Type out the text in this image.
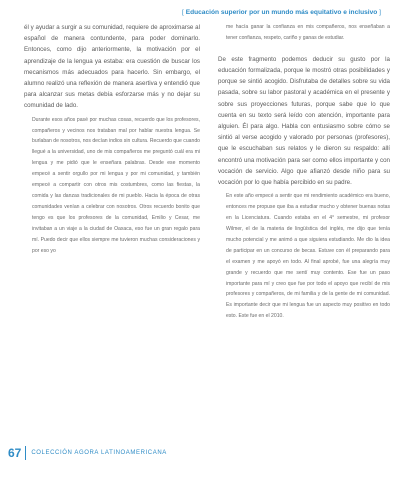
[ Educación superior por un mundo más equitativo e inclusivo ]

él y ayudar a surgir a su comunidad, requiere de aproximarse al español de manera contundente, para poder dominarlo. Entonces, como dijo anteriormente, la motivación por el aprendizaje de la lengua ya estaba: era cuestión de buscar los mecanismos más adecuados para hacerlo. Sin embargo, el alumno realizó una reflexión de manera asertiva y entendió que para alcanzar sus metas debía esforzarse más y no dejar su comunidad de lado.

Durante esos años pasé por muchas cosas, recuerdo que los profesores, compañeros y vecinos nos trataban mal por hablar nuestra lengua. Se burlaban de nosotros, nos decían indios sin cultura. Recuerdo que cuando llegué a la universidad, uno de mis compañeros me preguntó cuál era mi lengua y me pidió que le enseñara palabras. Desde ese momento empecé a sentir orgullo por mi lengua y por mi comunidad, y también empecé a compartir con otros mis costumbres, como las fiestas, la comida y las danzas tradicionales de mi pueblo. Hacia la época de otras comunidades venían a celebrar con nosotros. Otros recuerdo bonito que tengo es que los profesores de la comunidad, Emilio y Cesar, me invitaban a un viaje a la ciudad de Oaxaca, eso fue un gran regalo para mí. Puedo decir que ellos siempre me tuvieron muchas consideraciones y por eso yo

me hacía ganar la confianza en mis compañeros, nos enseñaban a tener confianza, respeto, cariño y ganas de estudiar.

De este fragmento podemos deducir su gusto por la educación formalizada, porque le mostró otras posibilidades y porque se sintió acogido. Disfrutaba de detalles sobre su vida pasada, sobre su labor pastoral y académica en el presente y sobre sus proyecciones futuras, porque sabe que lo que cuenta en su texto será leído con atención, importante para alguien. Él para algo. Habla con entusiasmo sobre cómo se sintió al verse acogido y valorado por personas (profesores), que le escuchaban sus relatos y le dieron su respaldo: allí encontró una motivación para ser como ellos importante y con vocación de servicio. Algo que afianzó desde niño para su vocación por lo que había percibido en su padre.

En este año empecé a sentir que mi rendimiento académico era bueno, entonces me propuse que iba a estudiar mucho y obtener buenas notas en la Licenciatura. Cuando estaba en el 4° semestre, mi profesor Wilmer, el de la materia de lingüística del inglés, me dijo que tenía mucho potencial y me animó a que siguiera estudiando. Me dio la idea de participar en un concurso de becas. Estuve con él preparando para el examen y me apoyó en todo. Al final aprobé, fue una alegría muy grande y recuerdo que me sentí muy contento. Ese fue un paso importante para mí y creo que fue por todo el apoyo que recibí de mis profesores y compañeros, de mi familia y de la gente de mi comunidad. Es importante decir que mi lengua fue un aspecto muy positivo en todo esto. Este fue en el 2010.

67 COLECCIÓN AGORA LATINOAMERICANA
